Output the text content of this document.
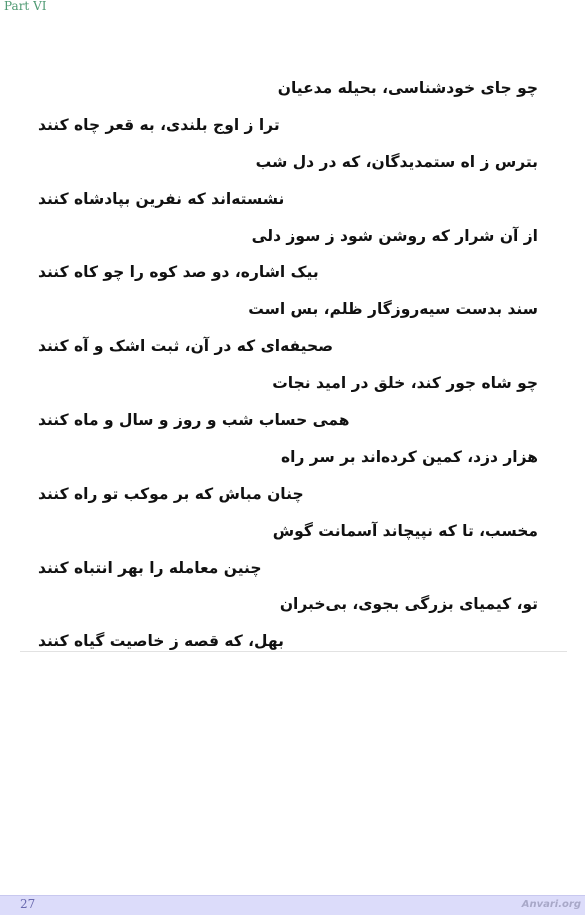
Part VI

چو جای خودشناسی، بحیله مدعیان
ترا ز اوج بلندی، به قعر چاه کنند
بترس ز اه ستمدیدگان، که در دل شب
نشسته‌اند که نفرین بپادشاه کنند
از آن شرار که روشن شود ز سوز دلی
بیک اشاره، دو صد کوه را چو کاه کنند
سند بدست سیه‌روزگار ظلم، بس است
صحیفه‌ای که در آن، ثبت اشک و آه کنند
چو شاه جور کند، خلق در امید نجات
همی حساب شب و روز و سال و ماه کنند
هزار دزد، کمین کرده‌اند بر سر راه
چنان مباش که بر موکب تو راه کنند
مخسب، تا که نپیچاند آسمانت گوش
چنین معامله را بهر انتباه کنند
تو، کیمیای بزرگی بجوی، بی‌خبران
بهل، که قصه ز خاصیت گیاه کنند
27	Anvari.org
